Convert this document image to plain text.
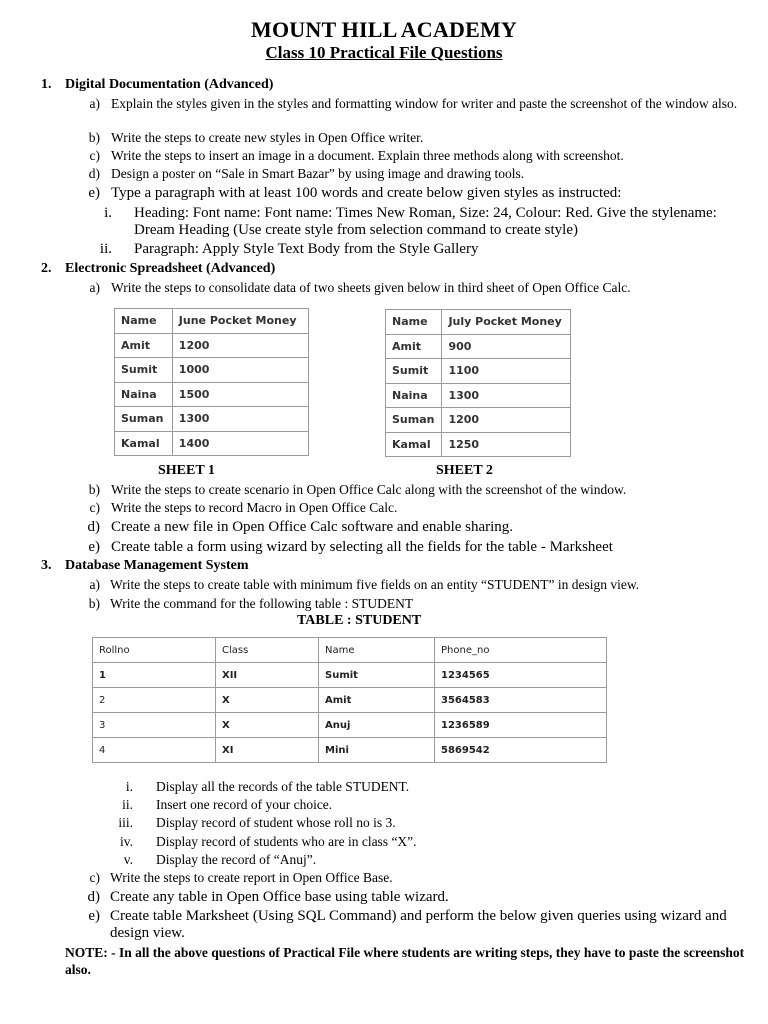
MOUNT HILL ACADEMY
Class 10 Practical File Questions
1. Digital Documentation (Advanced)
a) Explain the styles given in the styles and formatting window for writer and paste the screenshot of the window also.
b) Write the steps to create new styles in Open Office writer.
c) Write the steps to insert an image in a document. Explain three methods along with screenshot.
d) Design a poster on “Sale in Smart Bazar” by using image and drawing tools.
e) Type a paragraph with at least 100 words and create below given styles as instructed:
i. Heading: Font name: Font name: Times New Roman, Size: 24, Colour: Red. Give the stylename: Dream Heading (Use create style from selection command to create style)
ii. Paragraph: Apply Style Text Body from the Style Gallery
2. Electronic Spreadsheet (Advanced)
a) Write the steps to consolidate data of two sheets given below in third sheet of Open Office Calc.
Name	June Pocket Money
Amit	1200
Sumit	1000
Naina	1500
Suman	1300
Kamal	1400
Name	July Pocket Money
Amit	900
Sumit	1100
Naina	1300
Suman	1200
Kamal	1250
SHEET 1	SHEET 2
b) Write the steps to create scenario in Open Office Calc along with the screenshot of the window.
c) Write the steps to record Macro in Open Office Calc.
d) Create a new file in Open Office Calc software and enable sharing.
e) Create table a form using wizard by selecting all the fields for the table - Marksheet
3. Database Management System
a) Write the steps to create table with minimum five fields on an entity “STUDENT” in design view.
b) Write the command for the following table : STUDENT
TABLE : STUDENT
Rollno	Class	Name	Phone_no
1	XII	Sumit	1234565
2	X	Amit	3564583
3	X	Anuj	1236589
4	XI	Mini	5869542
i. Display all the records of the table STUDENT.
ii. Insert one record of your choice.
iii. Display record of student whose roll no is 3.
iv. Display record of students who are in class “X”.
v. Display the record of “Anuj”.
c) Write the steps to create report in Open Office Base.
d) Create any table in Open Office base using table wizard.
e) Create table Marksheet (Using SQL Command) and perform the below given queries using wizard and design view.
NOTE: - In all the above questions of Practical File where students are writing steps, they have to paste the screenshot also.
